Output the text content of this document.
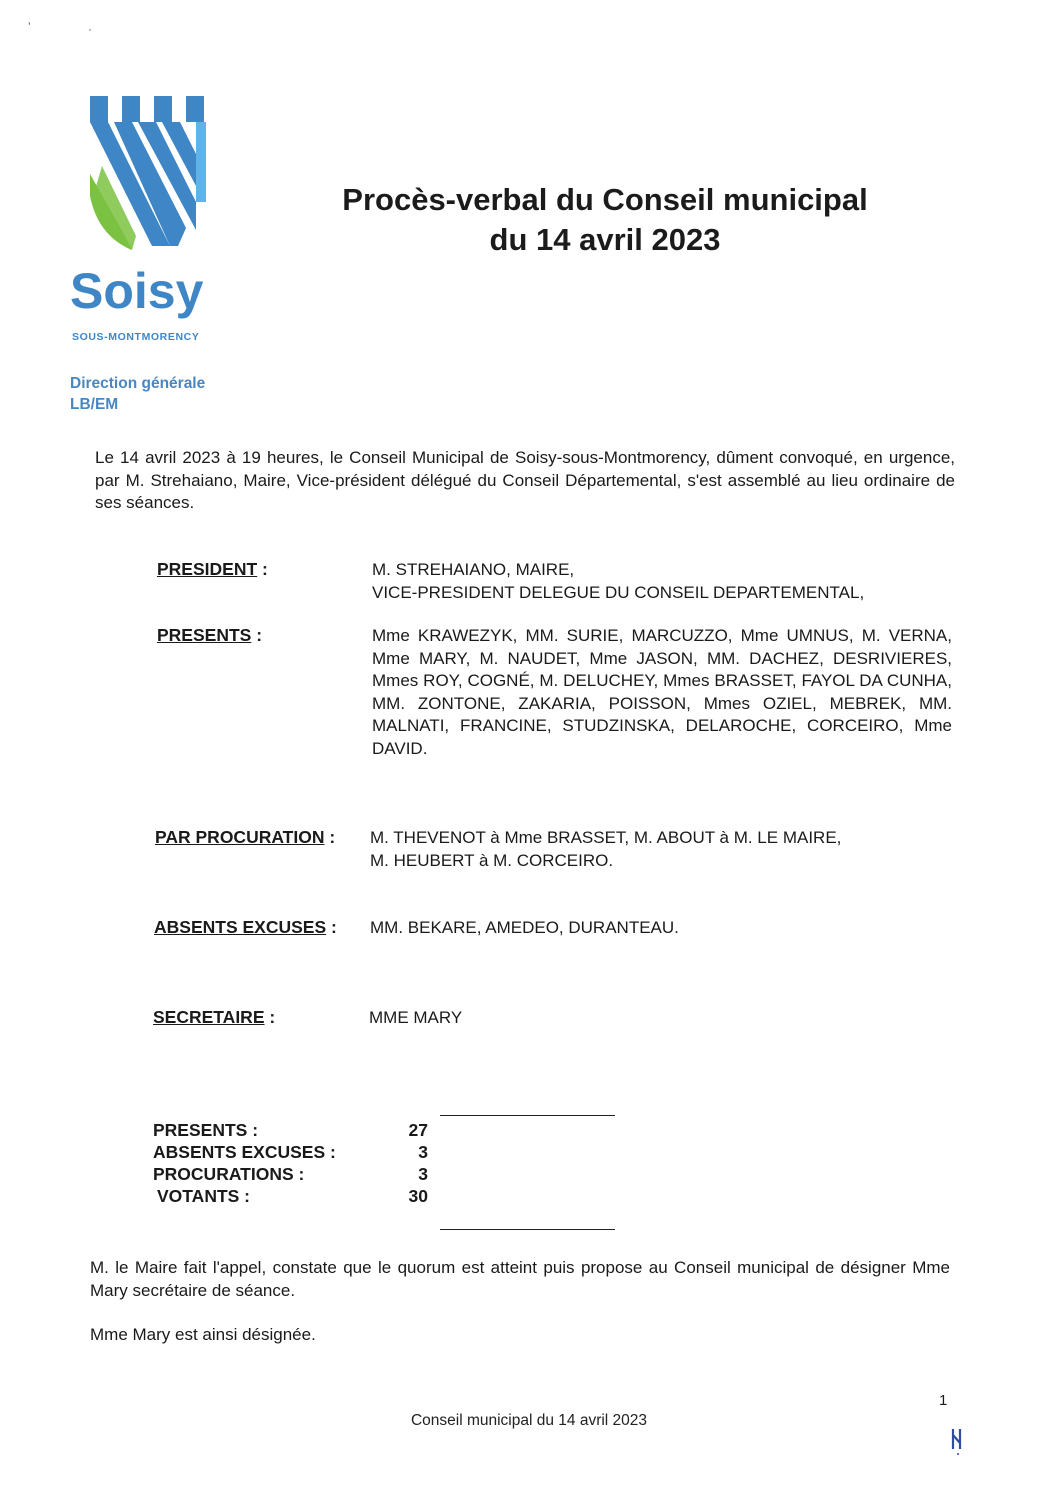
ʼ	·
Soisy
SOUS-MONTMORENCY
Direction générale
LB/EM
Procès-verbal du Conseil municipal
du 14 avril 2023
Le 14 avril 2023 à 19 heures, le Conseil Municipal de Soisy-sous-Montmorency, dûment convoqué, en urgence, par M. Strehaiano, Maire, Vice-président délégué du Conseil Départemental, s'est assemblé au lieu ordinaire de ses séances.
PRESIDENT :	M. STREHAIANO, MAIRE,
VICE-PRESIDENT DELEGUE DU CONSEIL DEPARTEMENTAL,
PRESENTS :	Mme KRAWEZYK, MM. SURIE, MARCUZZO, Mme UMNUS, M. VERNA, Mme MARY, M. NAUDET, Mme JASON, MM. DACHEZ, DESRIVIERES, Mmes ROY, COGNÉ, M. DELUCHEY, Mmes BRASSET, FAYOL DA CUNHA, MM. ZONTONE, ZAKARIA, POISSON, Mmes OZIEL, MEBREK, MM. MALNATI, FRANCINE, STUDZINSKA, DELAROCHE, CORCEIRO, Mme DAVID.
PAR PROCURATION : M. THEVENOT à Mme BRASSET, M. ABOUT à M. LE MAIRE,
M. HEUBERT à M. CORCEIRO.
ABSENTS EXCUSES : MM. BEKARE, AMEDEO, DURANTEAU.
SECRETAIRE :	MME MARY
PRESENTS :	27
ABSENTS EXCUSES :	3
PROCURATIONS :	3
VOTANTS :	30
M. le Maire fait l'appel, constate que le quorum est atteint puis propose au Conseil municipal de désigner Mme Mary secrétaire de séance.
Mme Mary est ainsi désignée.
1
Conseil municipal du 14 avril 2023
